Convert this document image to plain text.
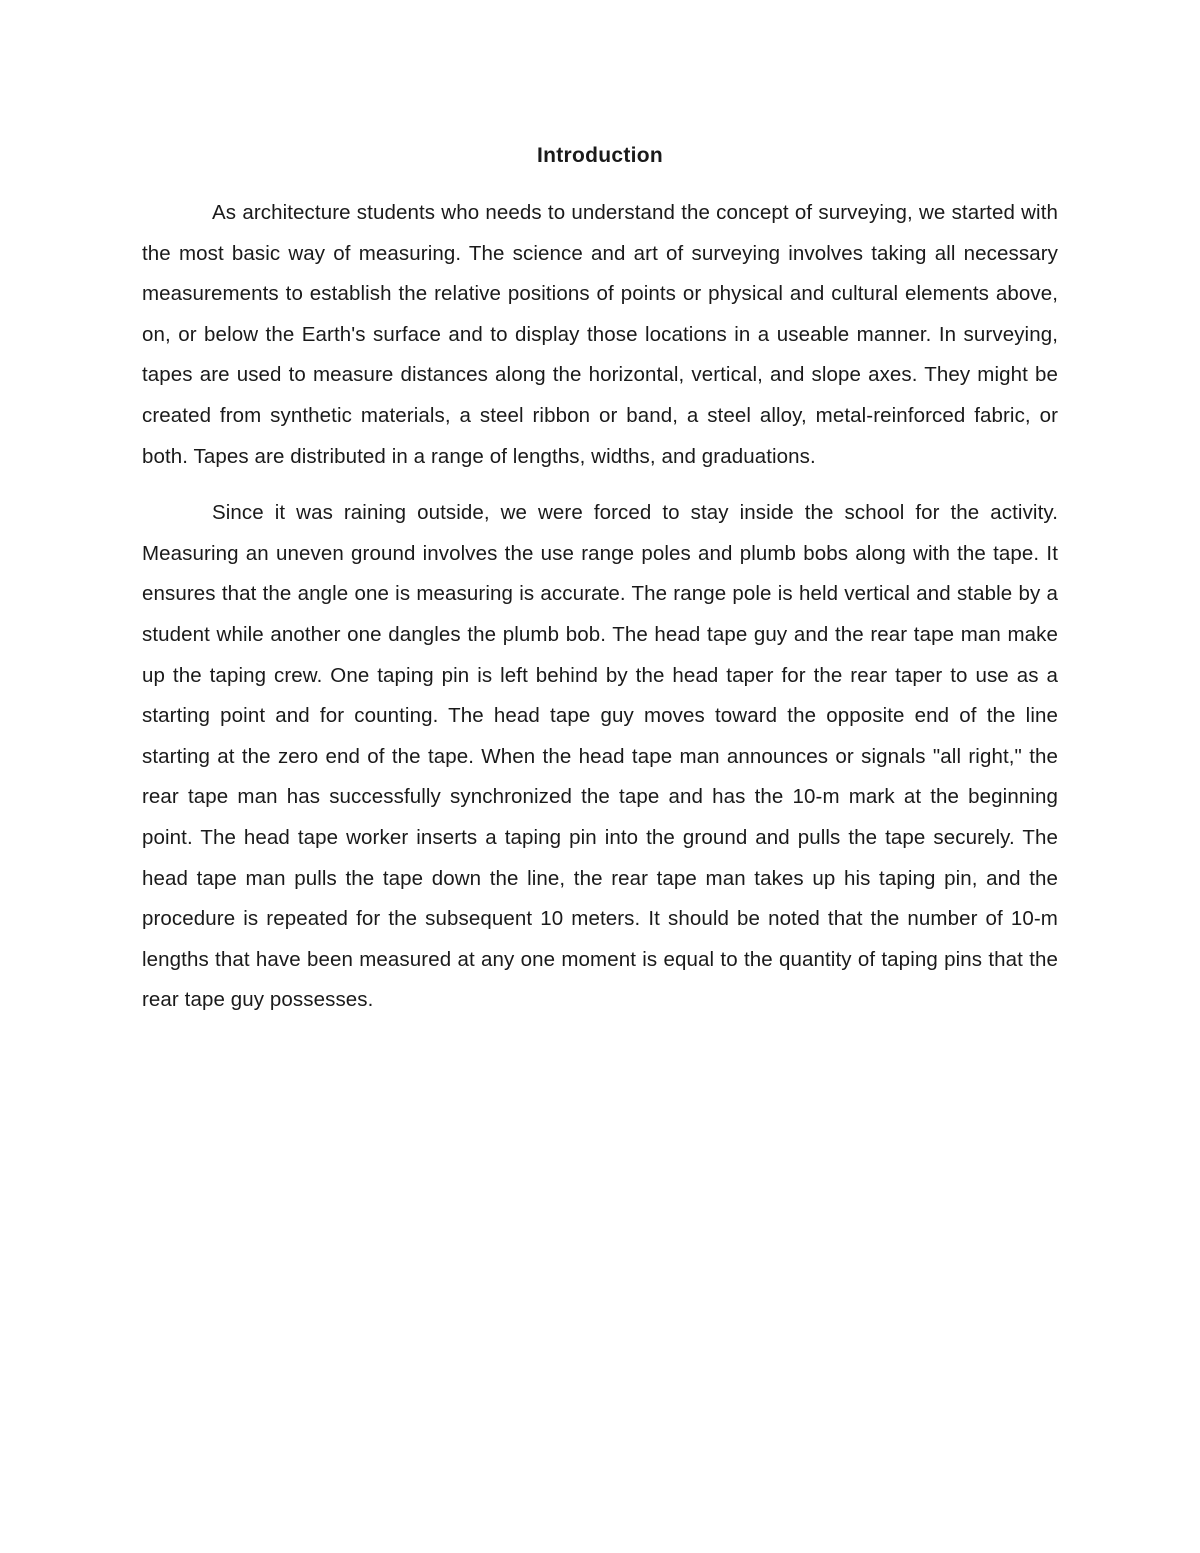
Introduction

As architecture students who needs to understand the concept of surveying, we started with the most basic way of measuring. The science and art of surveying involves taking all necessary measurements to establish the relative positions of points or physical and cultural elements above, on, or below the Earth's surface and to display those locations in a useable manner. In surveying, tapes are used to measure distances along the horizontal, vertical, and slope axes. They might be created from synthetic materials, a steel ribbon or band, a steel alloy, metal-reinforced fabric, or both. Tapes are distributed in a range of lengths, widths, and graduations.

Since it was raining outside, we were forced to stay inside the school for the activity. Measuring an uneven ground involves the use range poles and plumb bobs along with the tape. It ensures that the angle one is measuring is accurate. The range pole is held vertical and stable by a student while another one dangles the plumb bob. The head tape guy and the rear tape man make up the taping crew. One taping pin is left behind by the head taper for the rear taper to use as a starting point and for counting. The head tape guy moves toward the opposite end of the line starting at the zero end of the tape. When the head tape man announces or signals "all right," the rear tape man has successfully synchronized the tape and has the 10-m mark at the beginning point. The head tape worker inserts a taping pin into the ground and pulls the tape securely. The head tape man pulls the tape down the line, the rear tape man takes up his taping pin, and the procedure is repeated for the subsequent 10 meters. It should be noted that the number of 10-m lengths that have been measured at any one moment is equal to the quantity of taping pins that the rear tape guy possesses.
